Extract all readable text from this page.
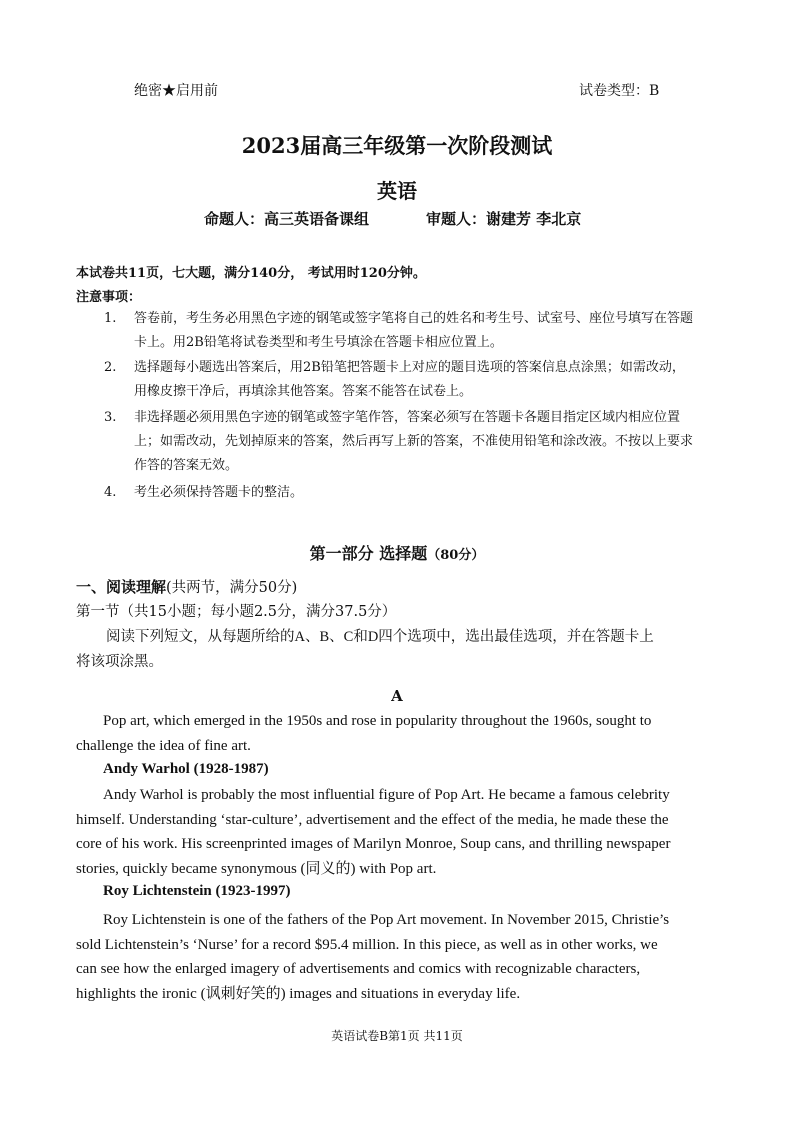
绝密★启用前	试卷类型：B
2023届高三年级第一次阶段测试
英语
命题人：高三英语备课组	审题人：谢建芳 李北京
本试卷共11页，七大题，满分140分， 考试用时120分钟。
注意事项：
1. 答卷前，考生务必用黑色字迹的钢笔或签字笔将自己的姓名和考生号、试室号、座位号填写在答题
卡上。用2B铅笔将试卷类型和考生号填涂在答题卡相应位置上。
2. 选择题每小题选出答案后，用2B铅笔把答题卡上对应的题目选项的答案信息点涂黑；如需改动，
用橡皮擦干净后，再填涂其他答案。答案不能答在试卷上。
3. 非选择题必须用黑色字迹的钢笔或签字笔作答，答案必须写在答题卡各题目指定区域内相应位置
上；如需改动，先划掉原来的答案，然后再写上新的答案，不准使用铅笔和涂改液。不按以上要求
作答的答案无效。
4. 考生必须保持答题卡的整洁。
第一部分 选择题（80分）
一、阅读理解(共两节，满分50分)
第一节（共15小题；每小题2.5分，满分37.5分）
阅读下列短文，从每题所给的A、B、C和D四个选项中，选出最佳选项，并在答题卡上
将该项涂黑。
A
Pop art, which emerged in the 1950s and rose in popularity throughout the 1960s, sought to
challenge the idea of fine art.
Andy Warhol (1928-1987)
Andy Warhol is probably the most influential figure of Pop Art. He became a famous celebrity
himself. Understanding ‘star-culture’, advertisement and the effect of the media, he made these the
core of his work. His screenprinted images of Marilyn Monroe, Soup cans, and thrilling newspaper
stories, quickly became synonymous (同义的) with Pop art.
Roy Lichtenstein (1923-1997)
Roy Lichtenstein is one of the fathers of the Pop Art movement. In November 2015, Christie’s
sold Lichtenstein’s ‘Nurse’ for a record $95.4 million. In this piece, as well as in other works, we
can see how the enlarged imagery of advertisements and comics with recognizable characters,
highlights the ironic (讽刺好笑的) images and situations in everyday life.
英语试卷B第1页 共11页
